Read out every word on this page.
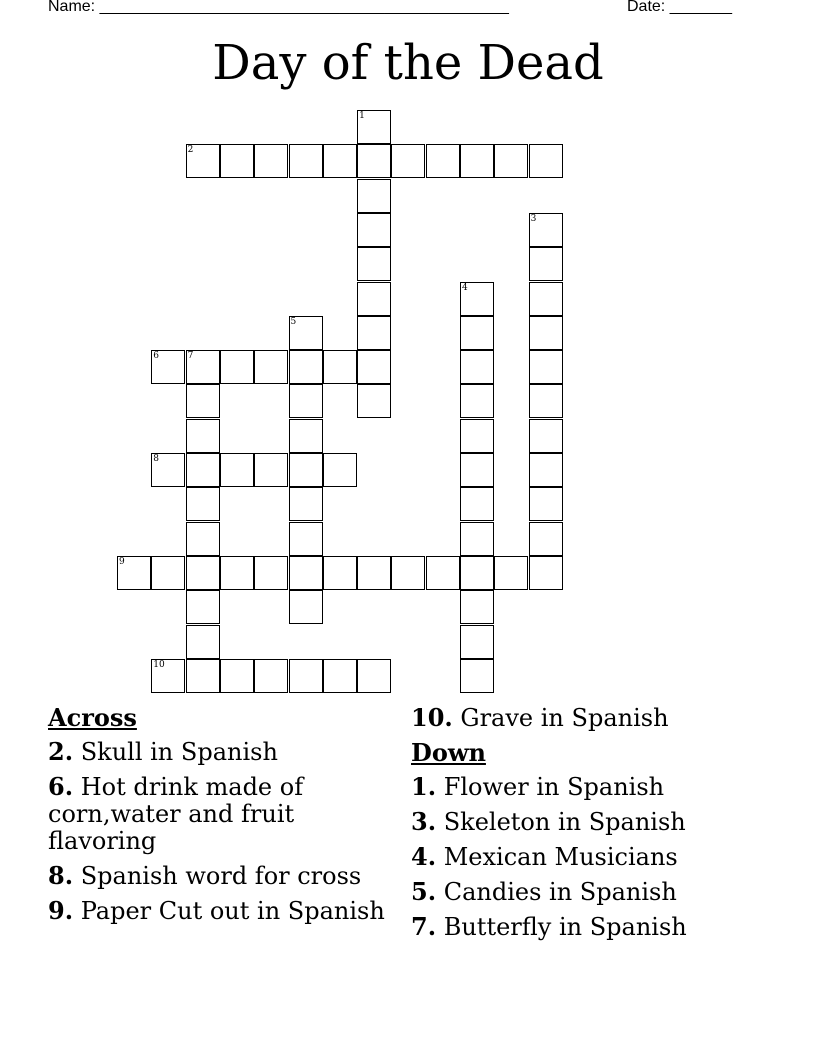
Name: ______________________________________________	Date: _______
Day of the Dead
1
2
3
4
5
6	7
8
9
10
Across
2. Skull in Spanish
6. Hot drink made of corn,water and fruit flavoring
8. Spanish word for cross
9. Paper Cut out in Spanish
10. Grave in Spanish
Down
1. Flower in Spanish
3. Skeleton in Spanish
4. Mexican Musicians
5. Candies in Spanish
7. Butterfly in Spanish
